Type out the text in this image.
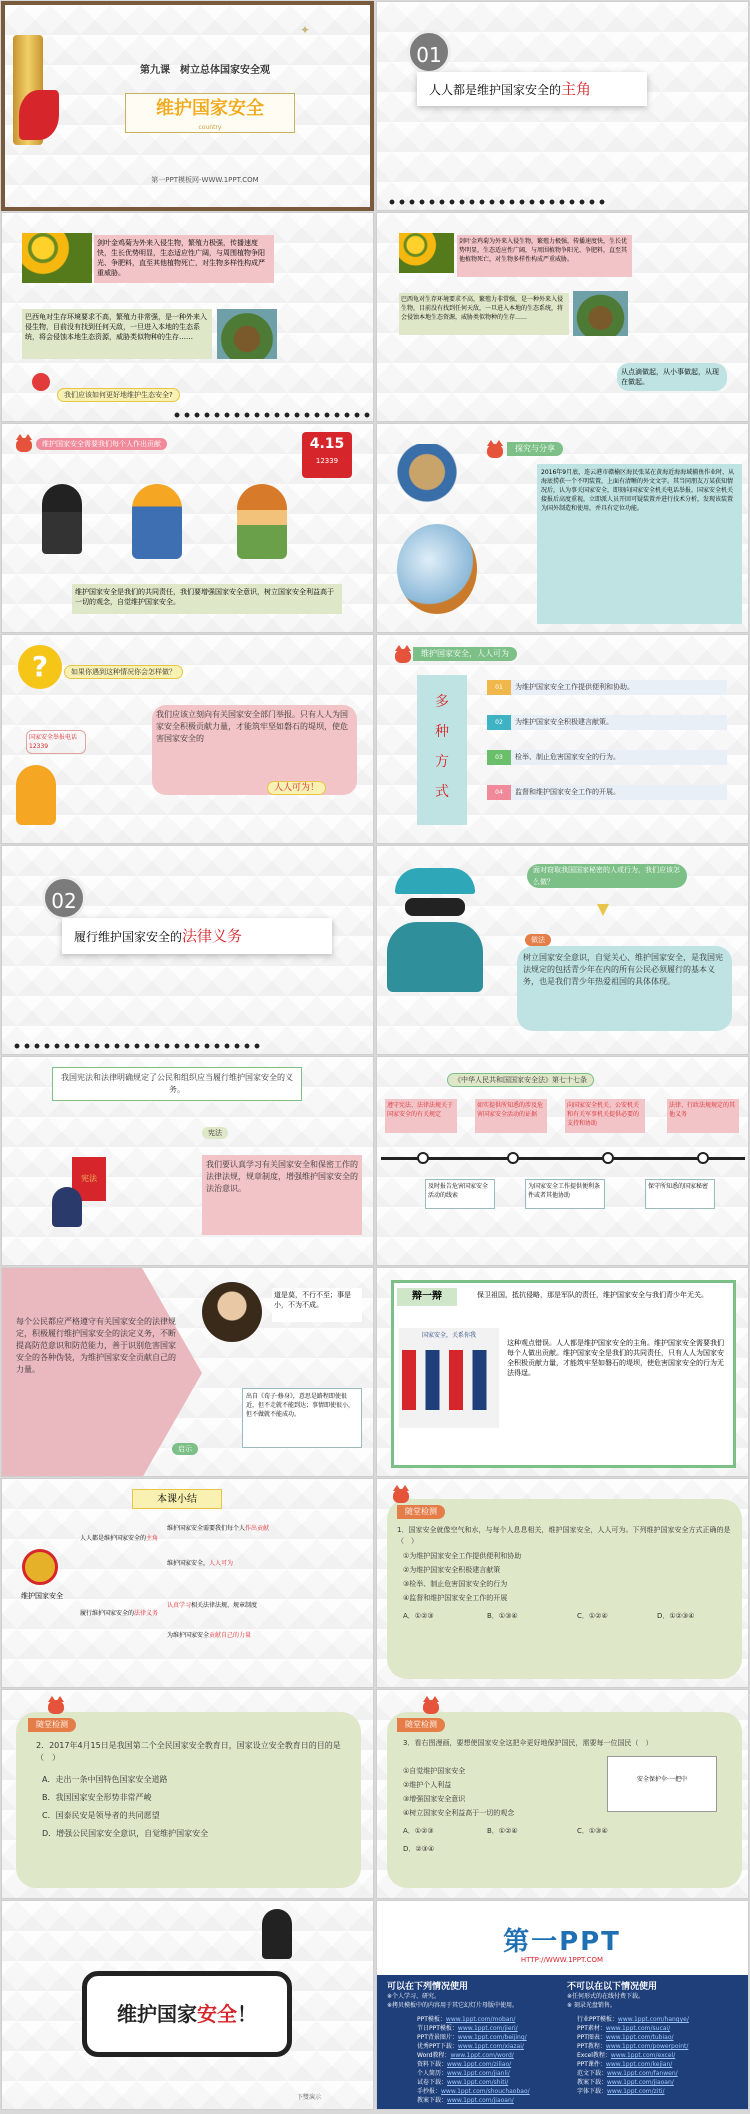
第九课　树立总体国家安全观
维护国家安全
country
第一PPT模板网-WWW.1PPT.COM
✦
01
人人都是维护国家安全的主角
剑叶金鸡菊为外来入侵生物，繁殖力极强，传播速度快，生长优势明显，生态适应性广阔，与周围植物争阳光、争肥料，直至其他植物死亡，对生物多样性构成严重威胁。
巴西龟对生存环境要求不高，繁殖力非常强，是一种外来入侵生物，目前没有找到任何天敌，一旦进入本地的生态系统，将会侵蚀本地生态资源，威胁类似物种的生存……
我们应该如何更好地维护生态安全?
剑叶金鸡菊为外来入侵生物，繁殖力极强，传播速度快，生长优势明显，生态适应性广阔，与周围植物争阳光、争肥料，直至其他植物死亡，对生物多样性构成严重威胁。
巴西龟对生存环境要求不高，繁殖力非常强，是一种外来入侵生物，目前没有找到任何天敌，一旦进入本地的生态系统，将会侵蚀本地生态资源，威胁类似物种的生存……
从点滴做起，从小事做起，从现在做起。
维护国家安全需要我们每个人作出贡献	4.15
12339
维护国家安全是我们的共同责任，我们要增强国家安全意识，树立国家安全利益高于一切的观念，自觉维护国家安全。
探究与分享
2016年9月底，连云港市赣榆区海民张某在黄海近海海域捕鱼作业时，从海底捞获一个不明装置，上面有清晰的外文文字。其当同朋友万某获知情况后，认为事关国家安全，即刻向国家安全机关电话举报。国家安全机关接报后高度重视，立即派人员开回可疑装置并进行技术分析，发现该装置为国外制造和使用，并具有定位功能。
?	如果你遇到这种情况你会怎样做？
国家安全举报电话12339
我们应该立刻向有关国家安全部门举报。只有人人为国家安全积极贡献力量，才能筑牢坚如磐石的堤坝，使危害国家安全的
人人可为！
维护国家安全，人人可为
多
种
方
式
01	为维护国家安全工作提供便利和协助。
02	为维护国家安全积极建言献策。
03	检举、制止危害国家安全的行为。
04	监督和维护国家安全工作的开展。
02
履行维护国家安全的法律义务
面对窃取我国国家秘密的人或行为，我们应该怎么做？
做法
树立国家安全意识，自觉关心、维护国家安全，是我国宪法规定的包括青少年在内的所有公民必须履行的基本义务，也是我们青少年热爱祖国的具体体现。
我国宪法和法律明确规定了公民和组织应当履行维护国家安全的义务。
宪法
宪法
我们要认真学习有关国家安全和保密工作的法律法规，规章制度，增强维护国家安全的法治意识。
《中华人民共和国国家安全法》第七十七条
遵守宪法、法律法规关于国家安全的有关规定
如实提供所知悉的涉及危害国家安全活动的证据
向国家安全机关、公安机关和有关军事机关提供必要的支持和协助
法律、行政法规规定的其他义务
及时报告危害国家安全活动的线索
为国家安全工作提供便利条件或者其他协助
保守所知悉的国家秘密
每个公民都应严格遵守有关国家安全的法律规定，积极履行维护国家安全的法定义务，不断提高防范意识和防范能力，善于识别危害国家安全的各种伪装，为维护国家安全贡献自己的力量。
道是莫，不行不至；事是小，不为不成。
出自《荀子·修身》，意思是路程即使很近，但不走就不能到达；事情即使很小，但不做就不能成功。
启示
辩一辩	保卫祖国，抵抗侵略，那是军队的责任，维护国家安全与我们青少年无关。
国家安全，关系你我
这种观点错误。人人都是维护国家安全的主角。维护国家安全需要我们每个人做出贡献。维护国家安全是我们的共同责任，只有人人为国家安全积极贡献力量，才能筑牢坚如磐石的堤坝，使危害国家安全的行为无法得逞。
本课小结
维护国家安全
人人都是维护国家安全的主角
履行维护国家安全的法律义务
维护国家安全需要我们每个人作出贡献
维护国家安全，人人可为
认真学习相关法律法规、规章制度
为维护国家安全贡献自己的力量
随堂检测
1．国家安全就像空气和水，与每个人息息相关，维护国家安全，人人可为。下列维护国家安全方式正确的是（　）
①为维护国家安全工作提供便利和协助
②为维护国家安全积极建言献策
③检举、制止危害国家安全的行为
④监督和维护国家安全工作的开展
A．①②③	B．①③④	C．①②④	D．①②③④
随堂检测
2．2017年4月15日是我国第二个全民国家安全教育日，国家设立安全教育日的目的是（　）
A．走出一条中国特色国家安全道路
B．我国国家安全形势非常严峻
C．国泰民安是领导者的共同愿望
D．增强公民国家安全意识，自觉维护国家安全
随堂检测
3．看右图漫画，要想使国家安全这把伞更好地保护国民，需要每一位国民（　）
①自觉维护国家安全
②维护个人利益
③增强国家安全意识
④树立国家安全利益高于一切的观念
安全保护伞·一把中
A．①②③	B．①②④	C．①③④
D．②③④
维护国家安全！
下雙演示
第一PPT
HTTP://WWW.1PPT.COM
可以在下列情况使用
※个人学习、研究。
※拷贝模板中的内容用于其它幻灯片母版中使用。
不可以在以下情况使用
※任何形式的在线付费下载。
※ 刻录光盘销售。
PPT模板：www.1ppt.com/moban/
节日PPT模板：www.1ppt.com/jieri/
PPT背景图片：www.1ppt.com/beijing/
优秀PPT下载：www.1ppt.com/xiazai/
Word教程：www.1ppt.com/word/
资料下载：www.1ppt.com/ziliao/
个人简历：www.1ppt.com/jianli/
试卷下载：www.1ppt.com/shiti/
手抄报：www.1ppt.com/shouchaobao/
教案下载：www.1ppt.com/jiaoan/
行业PPT模板：www.1ppt.com/hangye/
PPT素材：www.1ppt.com/sucai/
PPT图表：www.1ppt.com/tubiao/
PPT教程：www.1ppt.com/powerpoint/
Excel教程：www.1ppt.com/excel/
PPT课件：www.1ppt.com/kejian/
范文下载：www.1ppt.com/fanwen/
教案下载：www.1ppt.com/jiaoan/
字体下载：www.1ppt.com/ziti/
